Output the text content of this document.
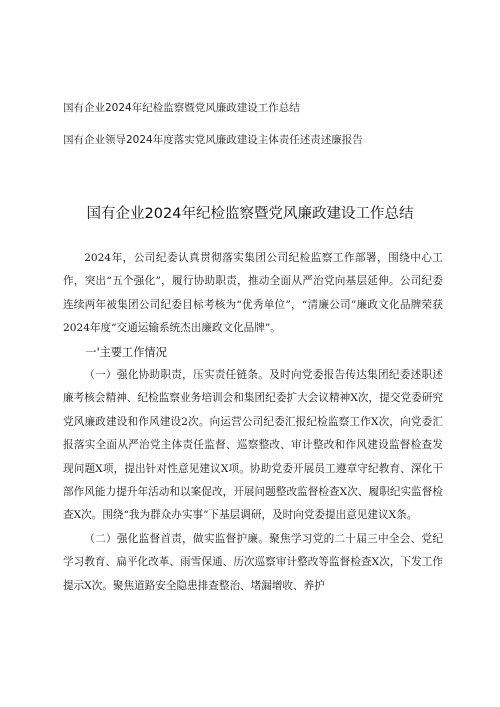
国有企业2024年纪检监察暨党风廉政建设工作总结
国有企业领导2024年度落实党风廉政建设主体责任述责述廉报告
国有企业2024年纪检监察暨党风廉政建设工作总结

2024年，公司纪委认真贯彻落实集团公司纪检监察工作部署，围绕中心工作，突出“五个强化”，履行协助职责，推动全面从严治党向基层延伸。公司纪委连续两年被集团公司纪委目标考核为“优秀单位”，“清廉公司”廉政文化品牌荣获2024年度“交通运输系统杰出廉政文化品牌”。

一'主要工作情况

（一）强化协助职责，压实责任链条。及时向党委报告传达集团纪委述职述廉考核会精神、纪检监察业务培训会和集团纪委扩大会议精神X次，提交党委研究党风廉政建设和作风建设2次。向运营公司纪委汇报纪检监察工作X次，向党委汇报落实全面从严治党主体责任监督、巡察整改、审计整改和作风建设监督检查发现问题X项，提出针对性意见建议X项。协助党委开展员工遵章守纪教育、深化干部作风能力提升年活动和以案促改，开展问题整改监督检查X次、履职纪实监督检查X次。围绕“我为群众办实事”下基层调研，及时向党委提出意见建议X条。

（二）强化监督首责，做实监督护廉。聚焦学习党的二十届三中全会、党纪学习教育、扁平化改革、雨雪保通、历次巡察审计整改等监督检查X次，下发工作提示X次。聚焦道路安全隐患排查整治、堵漏增收、养护
